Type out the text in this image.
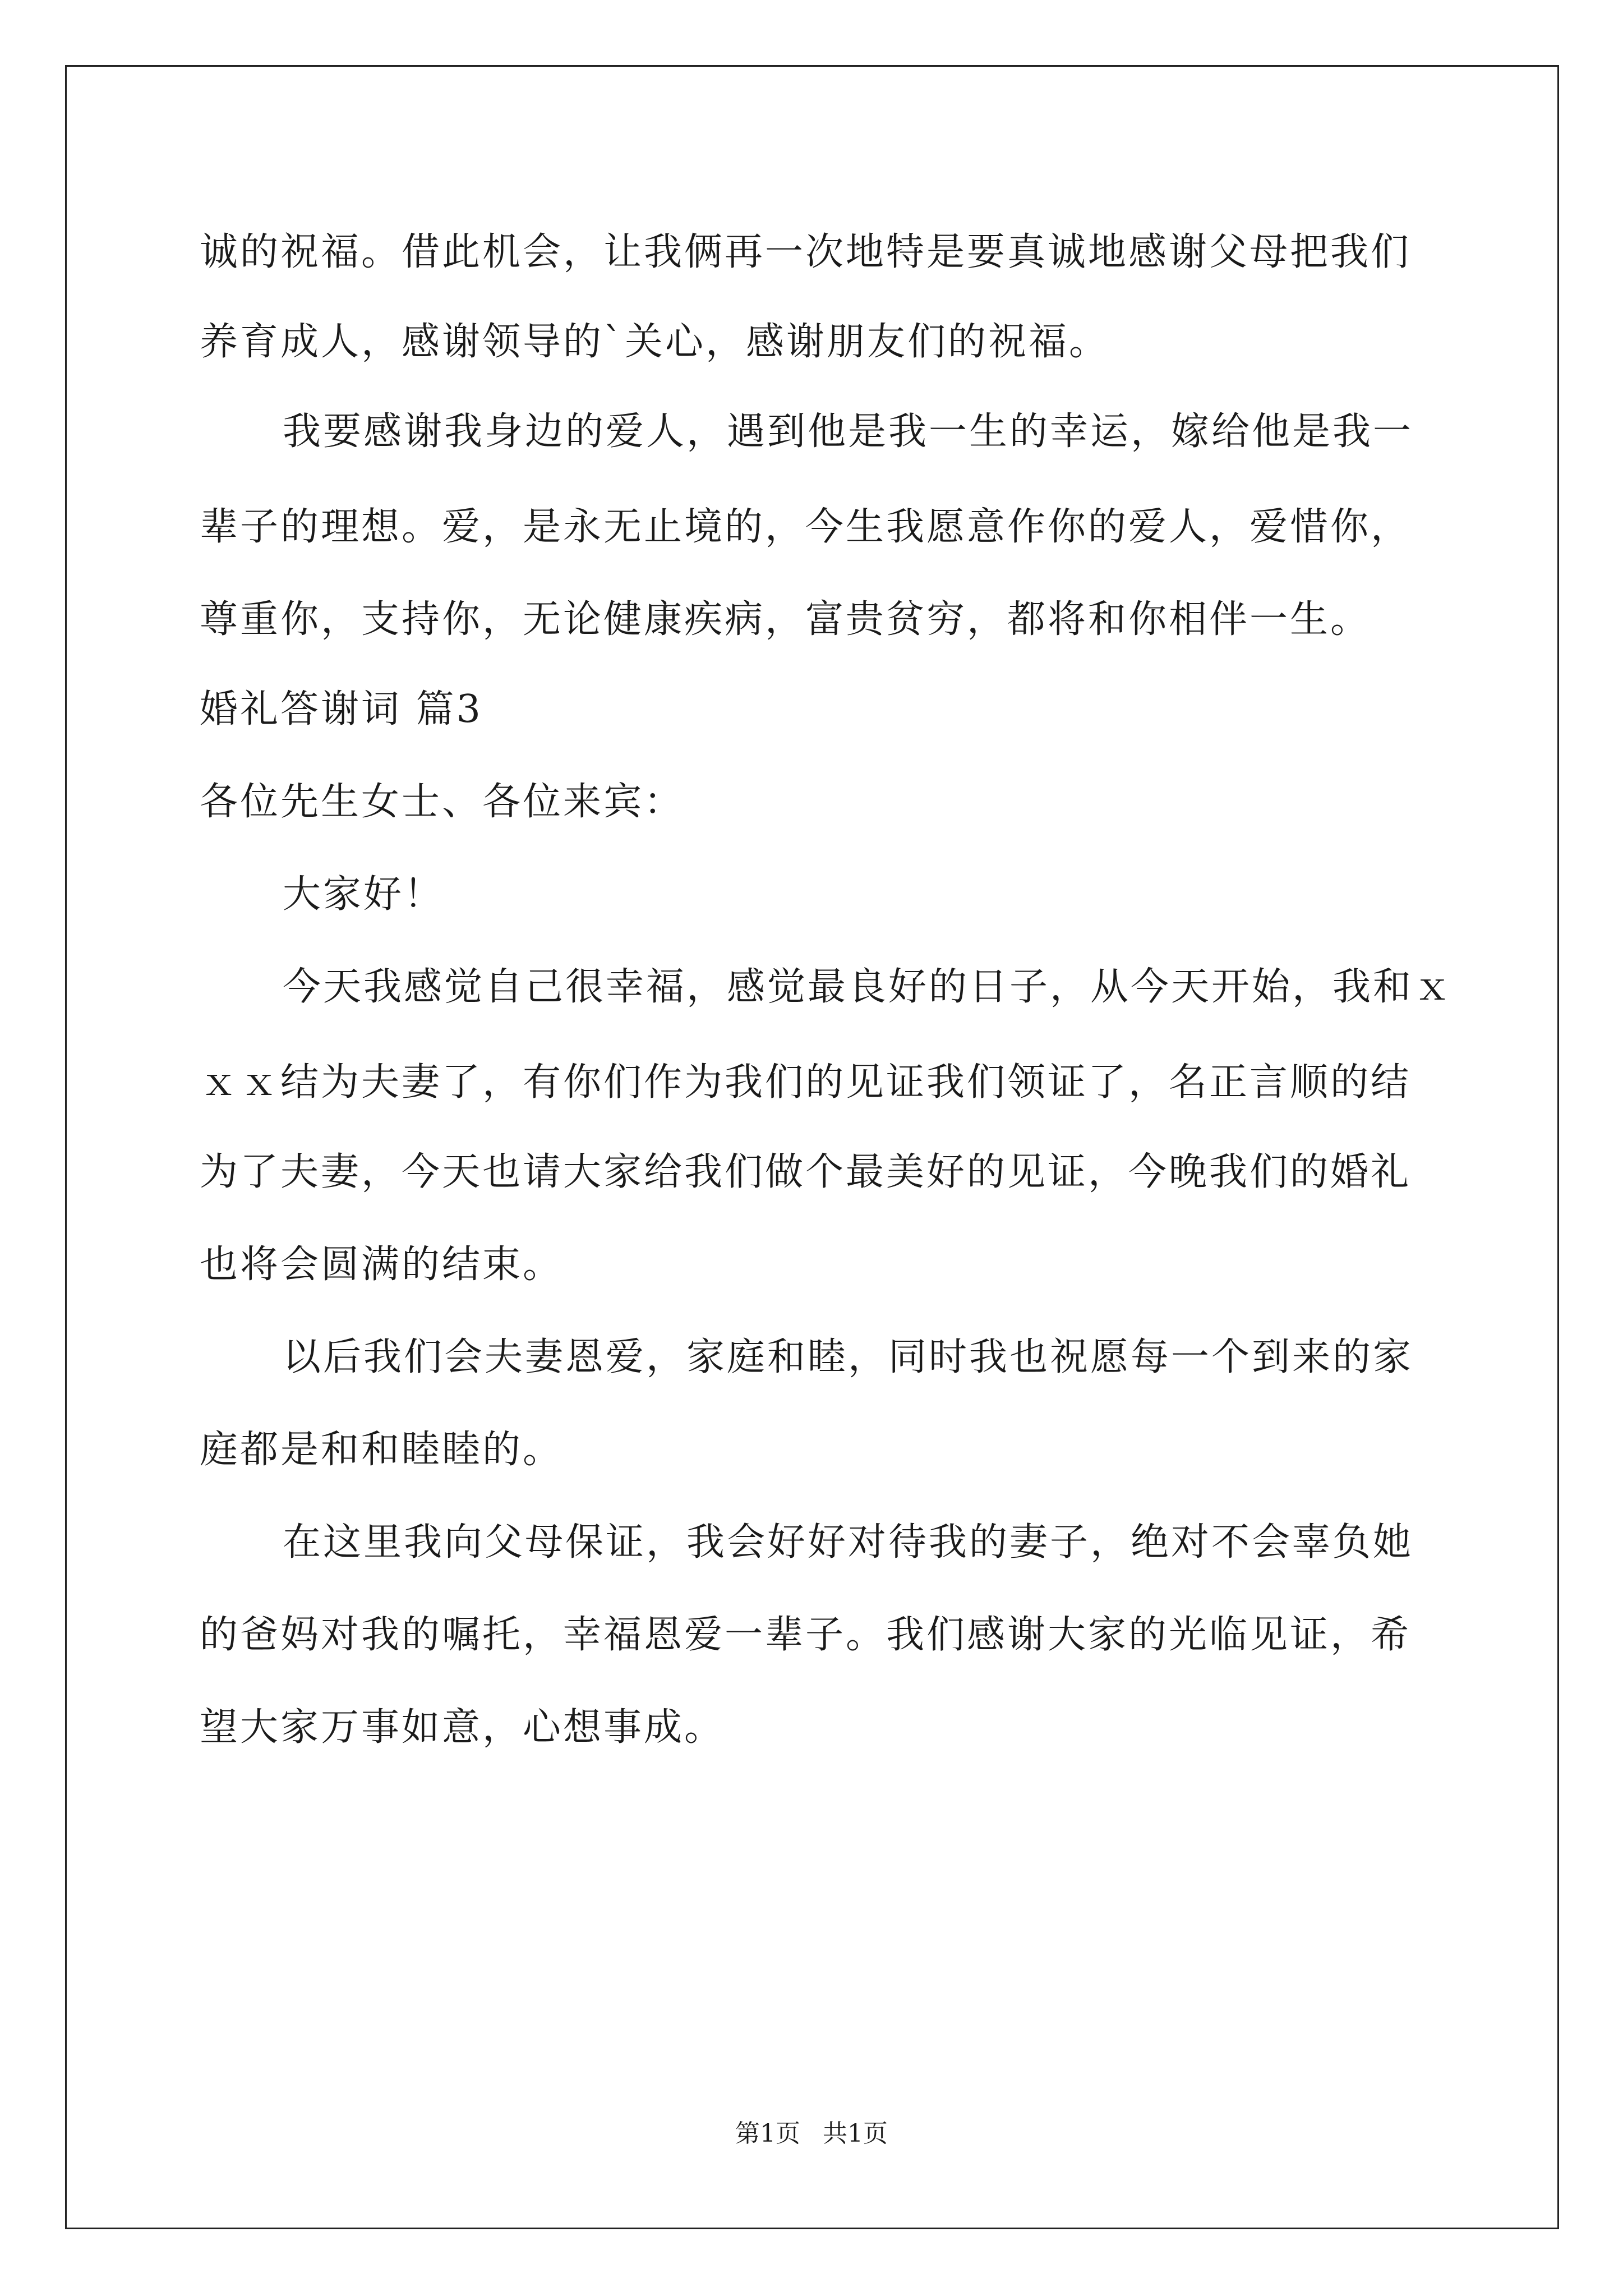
诚的祝福。借此机会，让我俩再一次地特是要真诚地感谢父母把我们
养育成人，感谢领导的`关心，感谢朋友们的祝福。
我要感谢我身边的爱人，遇到他是我一生的幸运，嫁给他是我一
辈子的理想。爱，是永无止境的，今生我愿意作你的爱人，爱惜你，
尊重你，支持你，无论健康疾病，富贵贫穷，都将和你相伴一生。
婚礼答谢词 篇3
各位先生女士、各位来宾：
大家好！
今天我感觉自己很幸福，感觉最良好的日子，从今天开始，我和ｘ
ｘｘ结为夫妻了，有你们作为我们的见证我们领证了，名正言顺的结
为了夫妻，今天也请大家给我们做个最美好的见证，今晚我们的婚礼
也将会圆满的结束。
以后我们会夫妻恩爱，家庭和睦，同时我也祝愿每一个到来的家
庭都是和和睦睦的。
在这里我向父母保证，我会好好对待我的妻子，绝对不会辜负她
的爸妈对我的嘱托，幸福恩爱一辈子。我们感谢大家的光临见证，希
望大家万事如意，心想事成。
第1页 共1页
